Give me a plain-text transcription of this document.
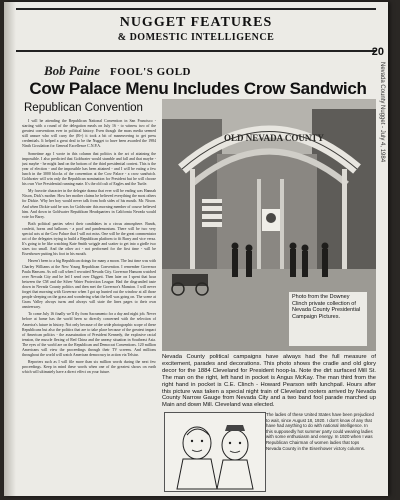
NUGGET FEATURES
& DOMESTIC INTELLIGENCE
20
Nevada County Nugget - July 4, 1984
Bob Paine FOOL'S GOLD
Cow Palace Menu Includes Crow Sandwich
Republican Convention

I will be attending the Republican National Convention in San Francisco - starting with a round of the delegation meals on July 16 - to witness two of the greatest conventions ever in political history. Even though the mass media seemed still unsure who will carry the (R+) it took a bit of maneuvering to get press credentials. It helped a great deal to be the Nugget to have been awarded the 1984 Ninth Circulation for General Excellence C.N.P.A.

Sometime ago I wrote in this column that politics is the art of attaining the impossible. I also predicted that Goldwater would stumble and fall and that maybe - just maybe - he might land on the bottom of the third presidential contest. This is the year of election - and the impossible has been attained - and I will be eating a few lunch in the 3000 blocks of the convention at the Cow Palace - a crow sandwich. Goldwater will win only the Republican nomination for President but he will choose his own Vice Presidential running mate. It's the old cult of Eagles and the Turtle.

My favorite character in the delegate drama that ever will be ending was Hannah Nixon, Dick's mother. How her mother claims he believed everything the most others for Dickie. Why her boy would never talk from both sides of his mouth. Mr. Nixon. And when Dickie said he was for Goldwater this morning member of course believed him. And down in Goldwater Republican Headquarters in California Nevada would vote for Barry.

Both political parties select their candidates in a circus atmosphere. Bands, confetti, horns and balloons - a poof and pandemonium. There will be two very special acts at the Cow Palace that I will not miss. One will be the great commentator act of the delegates trying to build a Republican platform to fit Barry and vice versa. It's going to be like watching Kate Smith wriggle and scatter to get into a girdle two sizes too small. And the other act - not performed for the first time - will be Eisenhower putting his foot in his mouth.

Haven't been to a big Republican doings for many a moon. The last time was with Charley Williams at the New Young Republican Convention. I remember Governor Paula Hansom. As roll call when I recruited Nevada City. Governor Hansom watched over Nevada City and he led I send over Diggett. Then later on I spent that hour between the CM and the Silver Water Protection League. Had the disgruntled taste down in Nevada County politics and then met the Governor's Mansion. I will never forget that morning with Governor when I got up hunted out the window at all those people sleeping on the grass and wondering what the hell was going on. The scene at Grass Valley always turns and always will state the lines pages to their own anniversary.

To come July 16 finally we'll fly from Sacramento for a day and night job. Never before at home has the world been so directly concerned with the selection of America's future in history. Not only because of the wide photographic scope of these Republicans but also the politics that are to take place because of the greatest impact of American politics - the assassination of President Kennedy, the explosive racial tension, the muscle flexing of Red China and the uneasy situation in Southeast Asia. The eyes of the world are on the Republican and Democrat Conventions. 120 million Americans will view the proceedings through their TV screens. And millions throughout the world will watch American democracy in action via Telstar.

Reporters such as I will file more than six million words during the next few proceedings. Keep in mind these words when one of the greatest shows on earth which will ultimately have a direct effect on your future.

OLD NEVADA COUNTY
Photo from the Downey Clinch private collection of Nevada County Presidential Campaign Pictures.
Nevada County political campaigns have always had the full measure of excitement, parades and decorations. This photo shows the cradle and old glory decor for the 1884 Cleveland for President hoop-la. Note the dirt surfaced Mill St. The man on the right, left hand in pocket is Angus McKay. The man third from the right hand in pocket is C.E. Clinch - Howard Pearson with lunchpail. Hours after this picture was taken a special night train of Cleveland rooters arrived by Nevada County Narrow Gauge from Nevada City and a two band fool parade marched up Main and down Mill. Cleveland was elected.
The ladies of these United States have been prejudiced to wait, since August 18, 1920. I don't know of any that have had anything to do with national intelligence. In this supposedly hot summer party could wearing ladies with some enthusiasm and energy. In 1920 when I was Republican Chairman of women ladies that tops Nevada County in the Eisenhower victory columns.
